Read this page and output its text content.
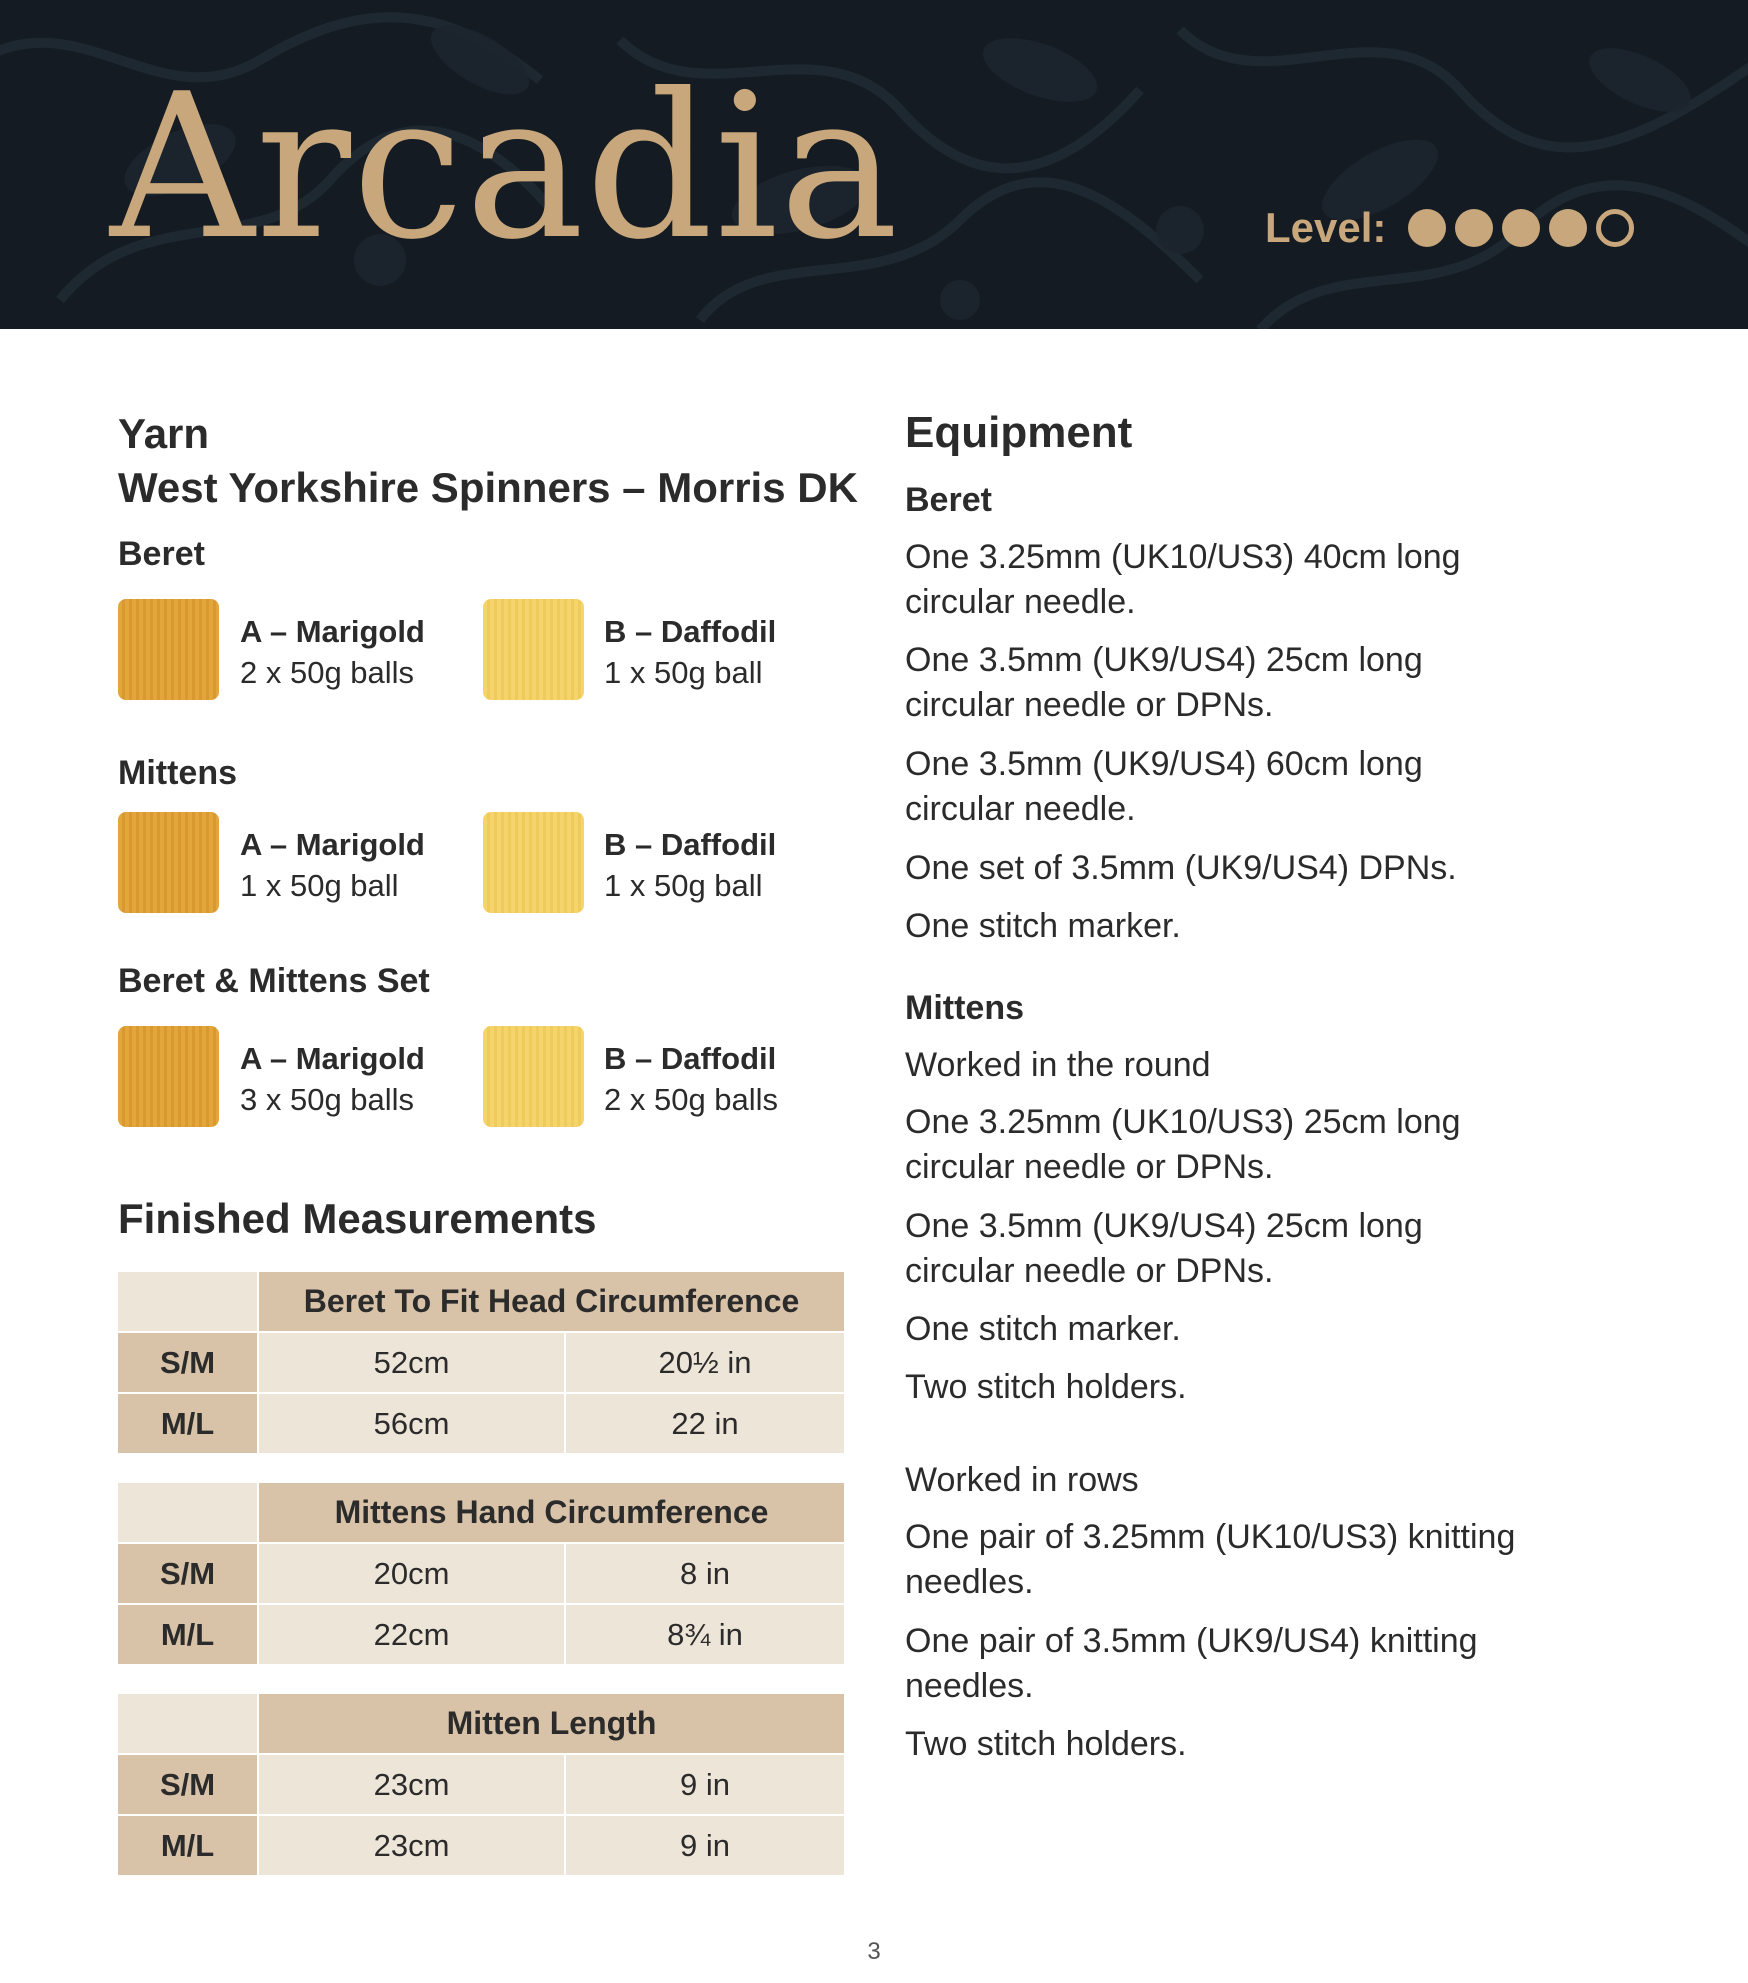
Arcadia	Level:
Yarn
West Yorkshire Spinners – Morris DK
Beret
A – Marigold
2 x 50g balls
B – Daffodil
1 x 50g ball
Mittens
A – Marigold
1 x 50g ball
B – Daffodil
1 x 50g ball
Beret & Mittens Set
A – Marigold
3 x 50g balls
B – Daffodil
2 x 50g balls
Finished Measurements
Beret To Fit Head Circumference
S/M	52cm	20½ in
M/L	56cm	22 in
Mittens Hand Circumference
S/M	20cm	8 in
M/L	22cm	8¾ in
Mitten Length
S/M	23cm	9 in
M/L	23cm	9 in
Equipment
Beret
One 3.25mm (UK10/US3) 40cm long circular needle.
One 3.5mm (UK9/US4) 25cm long circular needle or DPNs.
One 3.5mm (UK9/US4) 60cm long circular needle.
One set of 3.5mm (UK9/US4) DPNs.
One stitch marker.
Mittens
Worked in the round
One 3.25mm (UK10/US3) 25cm long circular needle or DPNs.
One 3.5mm (UK9/US4) 25cm long circular needle or DPNs.
One stitch marker.
Two stitch holders.
Worked in rows
One pair of 3.25mm (UK10/US3) knitting needles.
One pair of 3.5mm (UK9/US4) knitting needles.
Two stitch holders.
3
